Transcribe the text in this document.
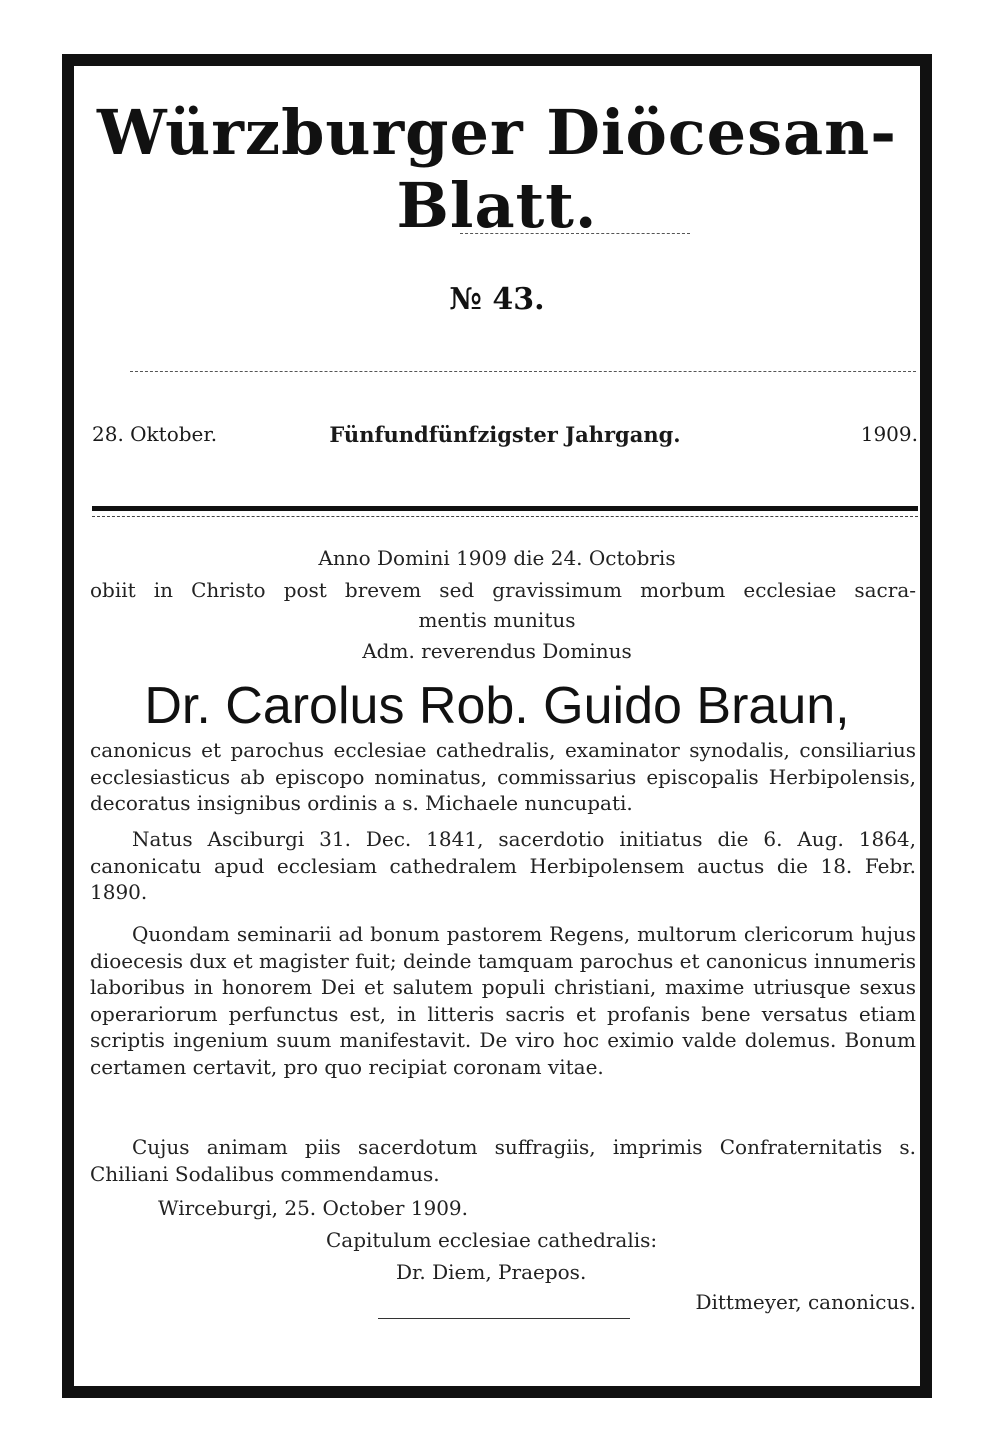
Würzburger Diöcesan-Blatt.
№ 43.
28. Oktober.	Fünfundfünfzigster Jahrgang.	1909.
Anno Domini 1909 die 24. Octobris
obiit in Christo post brevem sed gravissimum morbum ecclesiae sacra-
mentis munitus
Adm. reverendus Dominus
Dr. Carolus Rob. Guido Braun,

canonicus et parochus ecclesiae cathedralis, examinator synodalis, consiliarius ecclesiasticus ab episcopo nominatus, commissarius episcopalis Herbipolensis, decoratus insignibus ordinis a s. Michaele nuncupati.

Natus Asciburgi 31. Dec. 1841, sacerdotio initiatus die 6. Aug. 1864, canonicatu apud ecclesiam cathedralem Herbipolensem auctus die 18. Febr. 1890.

Quondam seminarii ad bonum pastorem Regens, multorum clericorum hujus dioecesis dux et magister fuit; deinde tamquam parochus et canonicus innumeris laboribus in honorem Dei et salutem populi christiani, maxime utriusque sexus operariorum perfunctus est, in litteris sacris et profanis bene versatus etiam scriptis ingenium suum manifestavit. De viro hoc eximio valde dolemus. Bonum certamen certavit, pro quo recipiat coronam vitae.

Cujus animam piis sacerdotum suffragiis, imprimis Confraternitatis s. Chiliani Sodalibus commendamus.

Wirceburgi, 25. October 1909.
Capitulum ecclesiae cathedralis:
Dr. Diem, Praepos.
Dittmeyer, canonicus.
